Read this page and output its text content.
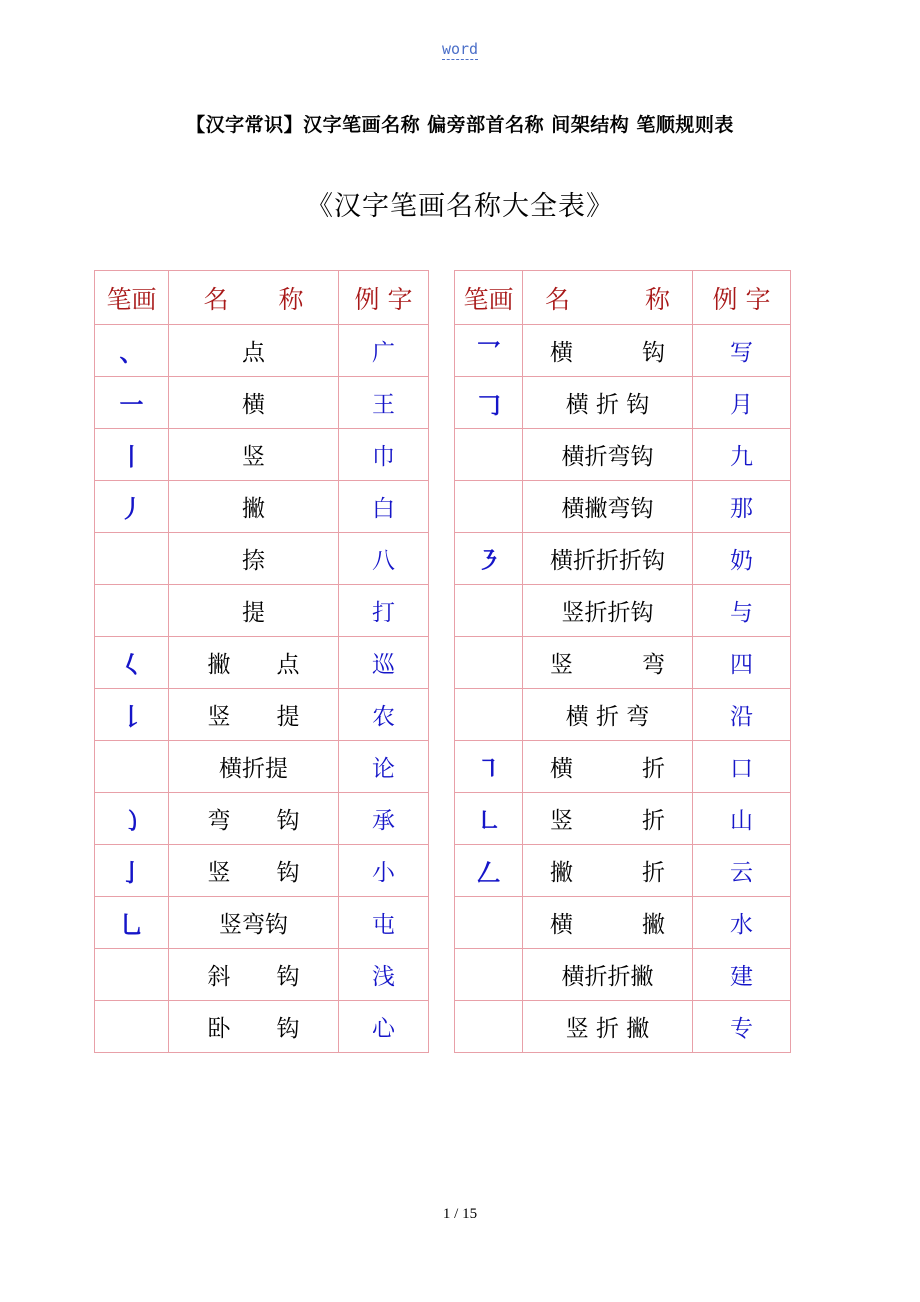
word
【汉字常识】汉字笔画名称 偏旁部首名称 间架结构 笔顺规则表
《汉字笔画名称大全表》
笔画	名　　称	例 字		笔画	名　　　称	例 字
、	点	广		乛	横　　　钩	写
一	横	王		𠃌	横 折 钩	月
丨	竖	巾			横折弯钩	九
丿	撇	白			横撇弯钩	那
	捺	八		㇋	横折折折钩	奶
	提	打			竖折折钩	与
𡿨	撇　　点	巡			竖　　　弯	四
𠄌	竖　　提	农			横 折 弯	沿
	横折提	论		㇕	横　　　折	口
㇁	弯　　钩	承		㇗	竖　　　折	山
亅	竖　　钩	小		𠃋	撇　　　折	云
乚	竖弯钩	屯			横　　　撇	水
	斜　　钩	浅			横折折撇	建
	卧　　钩	心			竖 折 撇	专
1 / 15
